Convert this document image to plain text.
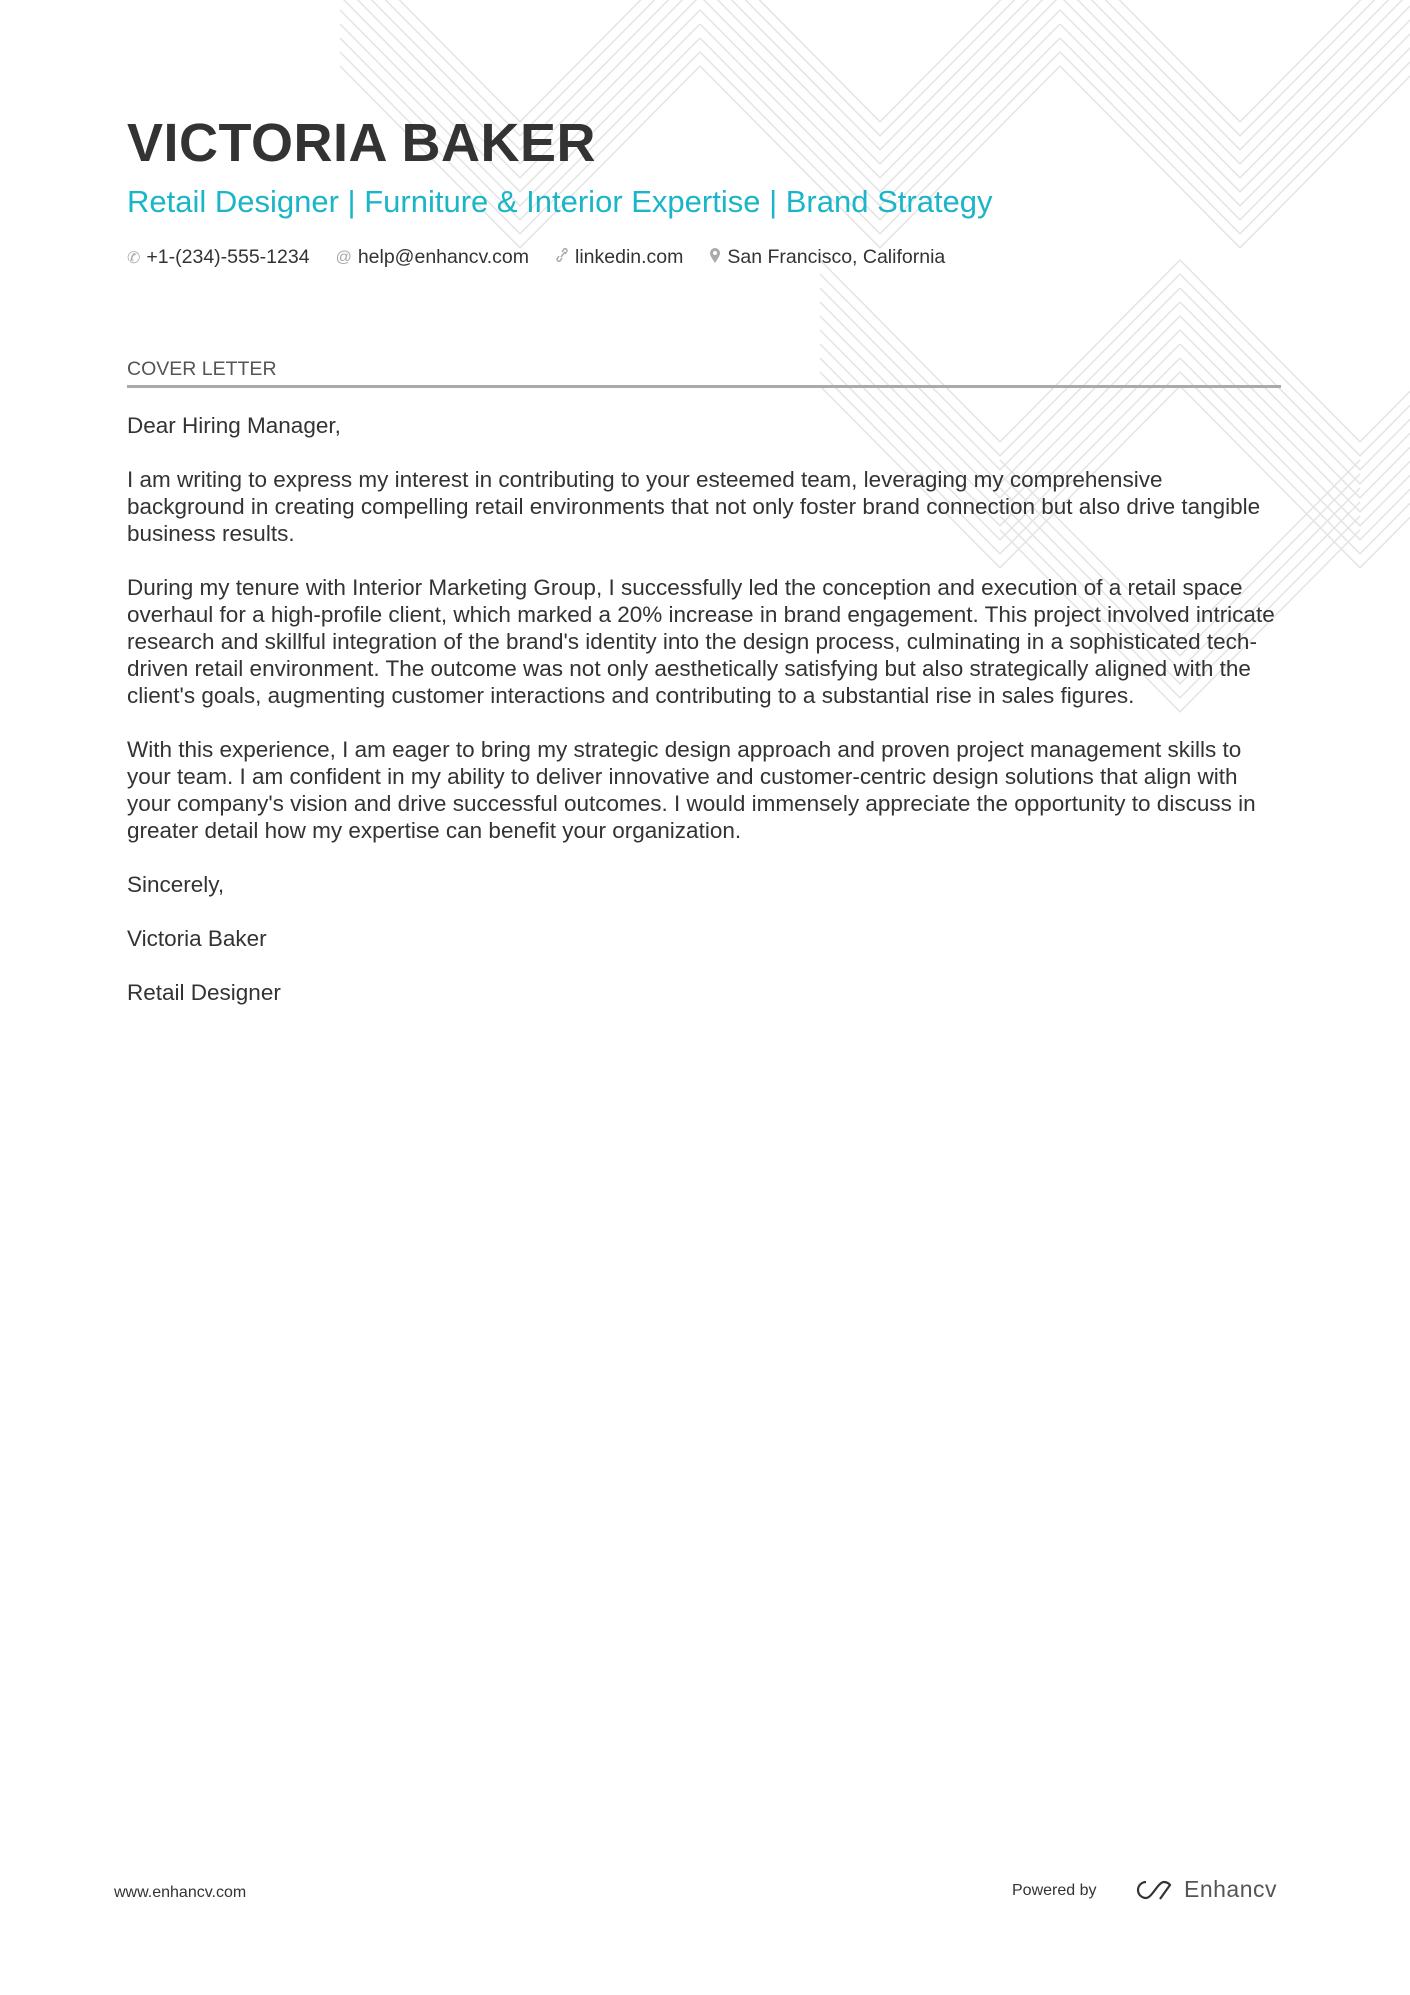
VICTORIA BAKER
Retail Designer | Furniture & Interior Expertise | Brand Strategy
✆ +1-(234)-555-1234 @ help@enhancv.com linkedin.com San Francisco, California
COVER LETTER

Dear Hiring Manager,

I am writing to express my interest in contributing to your esteemed team, leveraging my comprehensive background in creating compelling retail environments that not only foster brand connection but also drive tangible business results.

During my tenure with Interior Marketing Group, I successfully led the conception and execution of a retail space overhaul for a high-profile client, which marked a 20% increase in brand engagement. This project involved intricate research and skillful integration of the brand's identity into the design process, culminating in a sophisticated tech-driven retail environment. The outcome was not only aesthetically satisfying but also strategically aligned with the client's goals, augmenting customer interactions and contributing to a substantial rise in sales figures.

With this experience, I am eager to bring my strategic design approach and proven project management skills to your team. I am confident in my ability to deliver innovative and customer-centric design solutions that align with your company's vision and drive successful outcomes. I would immensely appreciate the opportunity to discuss in greater detail how my expertise can benefit your organization.

Sincerely,

Victoria Baker

Retail Designer

www.enhancv.com	Powered by	Enhancv
